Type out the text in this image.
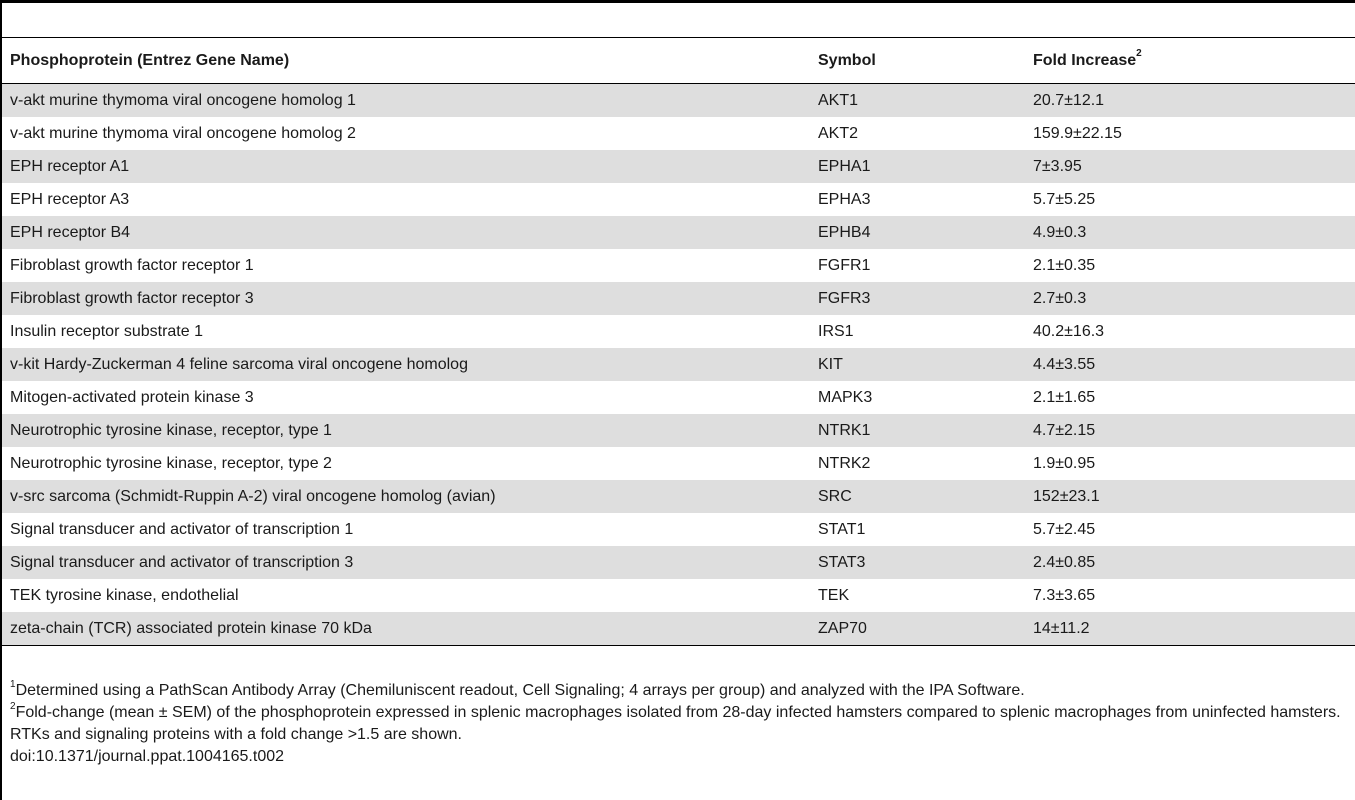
Phosphoprotein (Entrez Gene Name)	Symbol	Fold Increase$^2$
v-akt murine thymoma viral oncogene homolog 1	AKT1	20.7±12.1
v-akt murine thymoma viral oncogene homolog 2	AKT2	159.9±22.15
EPH receptor A1	EPHA1	7±3.95
EPH receptor A3	EPHA3	5.7±5.25
EPH receptor B4	EPHB4	4.9±0.3
Fibroblast growth factor receptor 1	FGFR1	2.1±0.35
Fibroblast growth factor receptor 3	FGFR3	2.7±0.3
Insulin receptor substrate 1	IRS1	40.2±16.3
v-kit Hardy-Zuckerman 4 feline sarcoma viral oncogene homolog	KIT	4.4±3.55
Mitogen-activated protein kinase 3	MAPK3	2.1±1.65
Neurotrophic tyrosine kinase, receptor, type 1	NTRK1	4.7±2.15
Neurotrophic tyrosine kinase, receptor, type 2	NTRK2	1.9±0.95
v-src sarcoma (Schmidt-Ruppin A-2) viral oncogene homolog (avian)	SRC	152±23.1
Signal transducer and activator of transcription 1	STAT1	5.7±2.45
Signal transducer and activator of transcription 3	STAT3	2.4±0.85
TEK tyrosine kinase, endothelial	TEK	7.3±3.65
zeta-chain (TCR) associated protein kinase 70 kDa	ZAP70	14±11.2

$^1$Determined using a PathScan Antibody Array (Chemiluniscent readout, Cell Signaling; 4 arrays per group) and analyzed with the IPA Software.

$^2$Fold-change (mean ± SEM) of the phosphoprotein expressed in splenic macrophages isolated from 28-day infected hamsters compared to splenic macrophages from uninfected hamsters.

RTKs and signaling proteins with a fold change >1.5 are shown.

doi:10.1371/journal.ppat.1004165.t002
